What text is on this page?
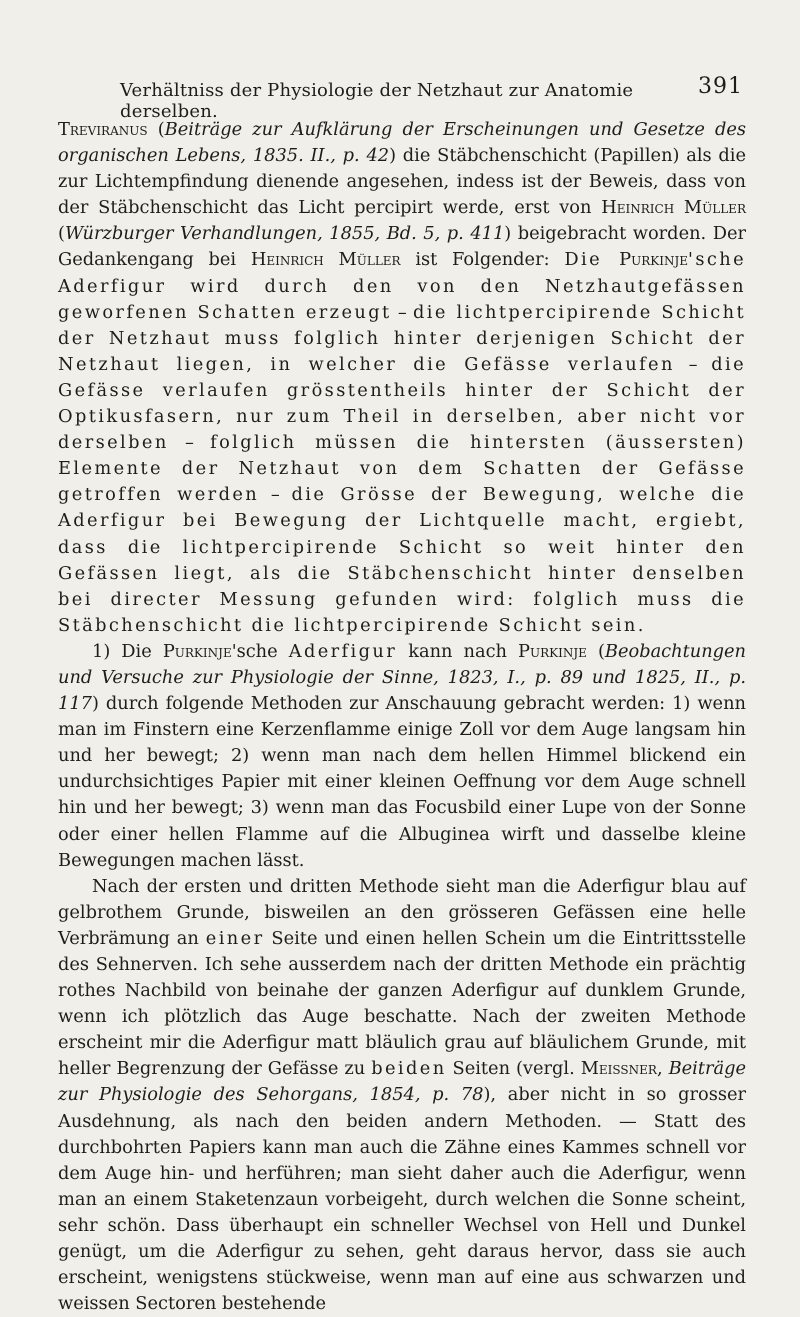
Verhältniss der Physiologie der Netzhaut zur Anatomie derselben.
391

Treviranus (Beiträge zur Aufklärung der Erscheinungen und Gesetze des organischen Lebens, 1835. II., p. 42) die Stäbchenschicht (Papillen) als die zur Lichtempfindung dienende angesehen, indess ist der Beweis, dass von der Stäbchenschicht das Licht percipirt werde, erst von Heinrich Müller (Würzburger Verhandlungen, 1855, Bd. 5, p. 411) beigebracht worden. Der Gedankengang bei Heinrich Müller ist Folgender: Die Purkinje'sche Aderfigur wird durch den von den Netzhautgefässen geworfenen Schatten erzeugt – die lichtpercipirende Schicht der Netzhaut muss folglich hinter derjenigen Schicht der Netzhaut liegen, in welcher die Gefässe verlaufen – die Gefässe verlaufen grösstentheils hinter der Schicht der Optikusfasern, nur zum Theil in derselben, aber nicht vor derselben – folglich müssen die hintersten (äussersten) Elemente der Netzhaut von dem Schatten der Gefässe getroffen werden – die Grösse der Bewegung, welche die Aderfigur bei Bewegung der Lichtquelle macht, ergiebt, dass die lichtpercipirende Schicht so weit hinter den Gefässen liegt, als die Stäbchenschicht hinter denselben bei directer Messung gefunden wird: folglich muss die Stäbchenschicht die lichtpercipirende Schicht sein.

1) Die Purkinje'sche Aderfigur kann nach Purkinje (Beobachtungen und Versuche zur Physiologie der Sinne, 1823, I., p. 89 und 1825, II., p. 117) durch folgende Methoden zur Anschauung gebracht werden: 1) wenn man im Finstern eine Kerzenflamme einige Zoll vor dem Auge langsam hin und her bewegt; 2) wenn man nach dem hellen Himmel blickend ein undurchsichtiges Papier mit einer kleinen Oeffnung vor dem Auge schnell hin und her bewegt; 3) wenn man das Focusbild einer Lupe von der Sonne oder einer hellen Flamme auf die Albuginea wirft und dasselbe kleine Bewegungen machen lässt.

Nach der ersten und dritten Methode sieht man die Aderfigur blau auf gelbrothem Grunde, bisweilen an den grösseren Gefässen eine helle Verbrämung an einer Seite und einen hellen Schein um die Eintrittsstelle des Sehnerven. Ich sehe ausserdem nach der dritten Methode ein prächtig rothes Nachbild von beinahe der ganzen Aderfigur auf dunklem Grunde, wenn ich plötzlich das Auge beschatte. Nach der zweiten Methode erscheint mir die Aderfigur matt bläulich grau auf bläulichem Grunde, mit heller Begrenzung der Gefässe zu beiden Seiten (vergl. Meissner, Beiträge zur Physiologie des Sehorgans, 1854, p. 78), aber nicht in so grosser Ausdehnung, als nach den beiden andern Methoden. — Statt des durchbohrten Papiers kann man auch die Zähne eines Kammes schnell vor dem Auge hin- und herführen; man sieht daher auch die Aderfigur, wenn man an einem Staketenzaun vorbeigeht, durch welchen die Sonne scheint, sehr schön. Dass überhaupt ein schneller Wechsel von Hell und Dunkel genügt, um die Aderfigur zu sehen, geht daraus hervor, dass sie auch erscheint, wenigstens stückweise, wenn man auf eine aus schwarzen und weissen Sectoren bestehende
